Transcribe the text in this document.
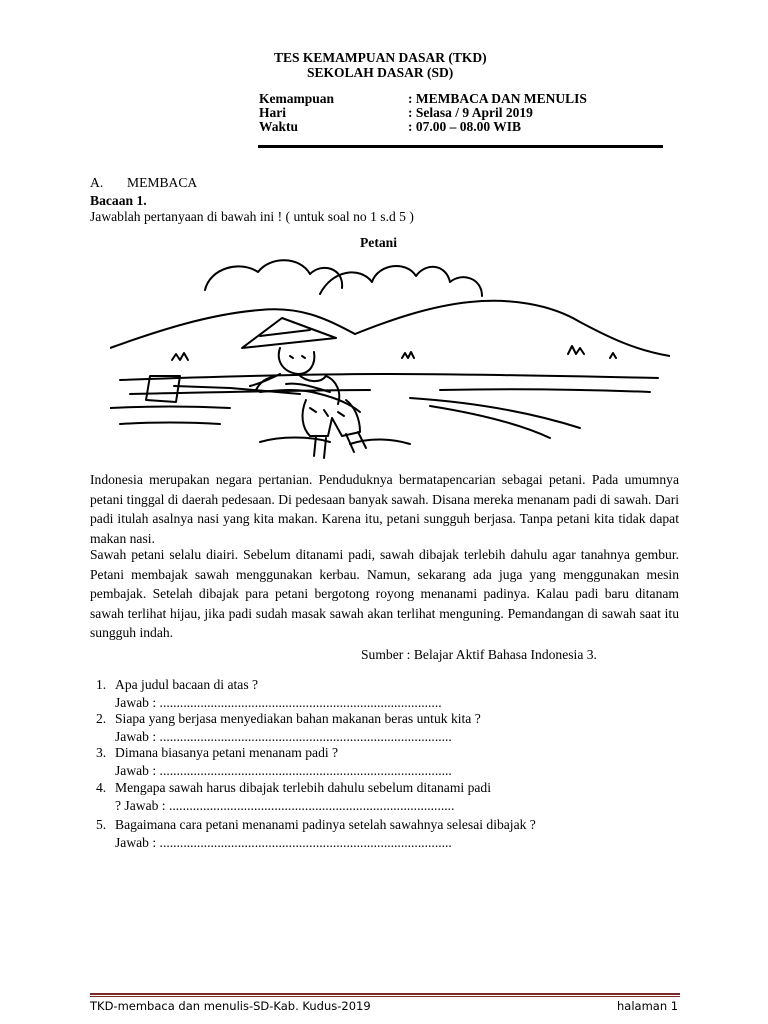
TES KEMAMPUAN DASAR (TKD)
SEKOLAH DASAR (SD)
Kemampuan	: MEMBACA DAN MENULIS
Hari	: Selasa / 9 April 2019
Waktu	: 07.00 – 08.00 WIB
A. MEMBACA
Bacaan 1.
Jawablah pertanyaan di bawah ini ! ( untuk soal no 1 s.d 5 )
Petani
Indonesia merupakan negara pertanian. Penduduknya bermatapencarian sebagai petani. Pada umumnya petani tinggal di daerah pedesaan. Di pedesaan banyak sawah. Disana mereka menanam padi di sawah. Dari padi itulah asalnya nasi yang kita makan. Karena itu, petani sungguh berjasa. Tanpa petani kita tidak dapat makan nasi.
Sawah petani selalu diairi. Sebelum ditanami padi, sawah dibajak terlebih dahulu agar tanahnya gembur. Petani membajak sawah menggunakan kerbau. Namun, sekarang ada juga yang menggunakan mesin pembajak. Setelah dibajak para petani bergotong royong menanami padinya. Kalau padi baru ditanam sawah terlihat hijau, jika padi sudah masak sawah akan terlihat menguning. Pemandangan di sawah saat itu sungguh indah.
Sumber : Belajar Aktif Bahasa Indonesia 3.
1. Apa judul bacaan di atas ?
Jawab : ...................................................................................
2. Siapa yang berjasa menyediakan bahan makanan beras untuk kita ?
Jawab : ......................................................................................
3. Dimana biasanya petani menanam padi ?
Jawab : ......................................................................................
4. Mengapa sawah harus dibajak terlebih dahulu sebelum ditanami padi
? Jawab : ....................................................................................
5. Bagaimana cara petani menanami padinya setelah sawahnya selesai dibajak ?
Jawab : ......................................................................................
TKD-membaca dan menulis-SD-Kab. Kudus-2019	halaman 1
